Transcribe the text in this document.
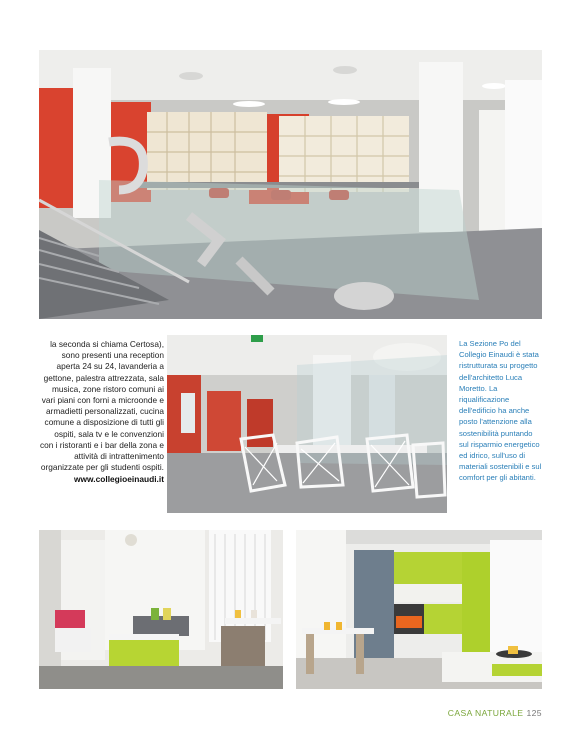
la seconda si chiama Certosa), sono presenti una reception aperta 24 su 24, lavanderia a gettone, palestra attrezzata, sala musica, zone ristoro comuni ai vari piani con forni a microonde e armadietti personalizzati, cucina comune a disposizione di tutti gli ospiti, sala tv e le convenzioni con i ristoranti e i bar della zona e attività di intrattenimento organizzate per gli studenti ospiti.

www.collegioeinaudi.it

La Sezione Po del Collegio Einaudi è stata ristrutturata su progetto dell'architetto Luca Moretto. La riqualificazione dell'edificio ha anche posto l'attenzione alla sostenibilità puntando sul risparmio energetico ed idrico, sull'uso di materiali sostenibili e sul comfort per gli abitanti.

CASA NATURALE 125
